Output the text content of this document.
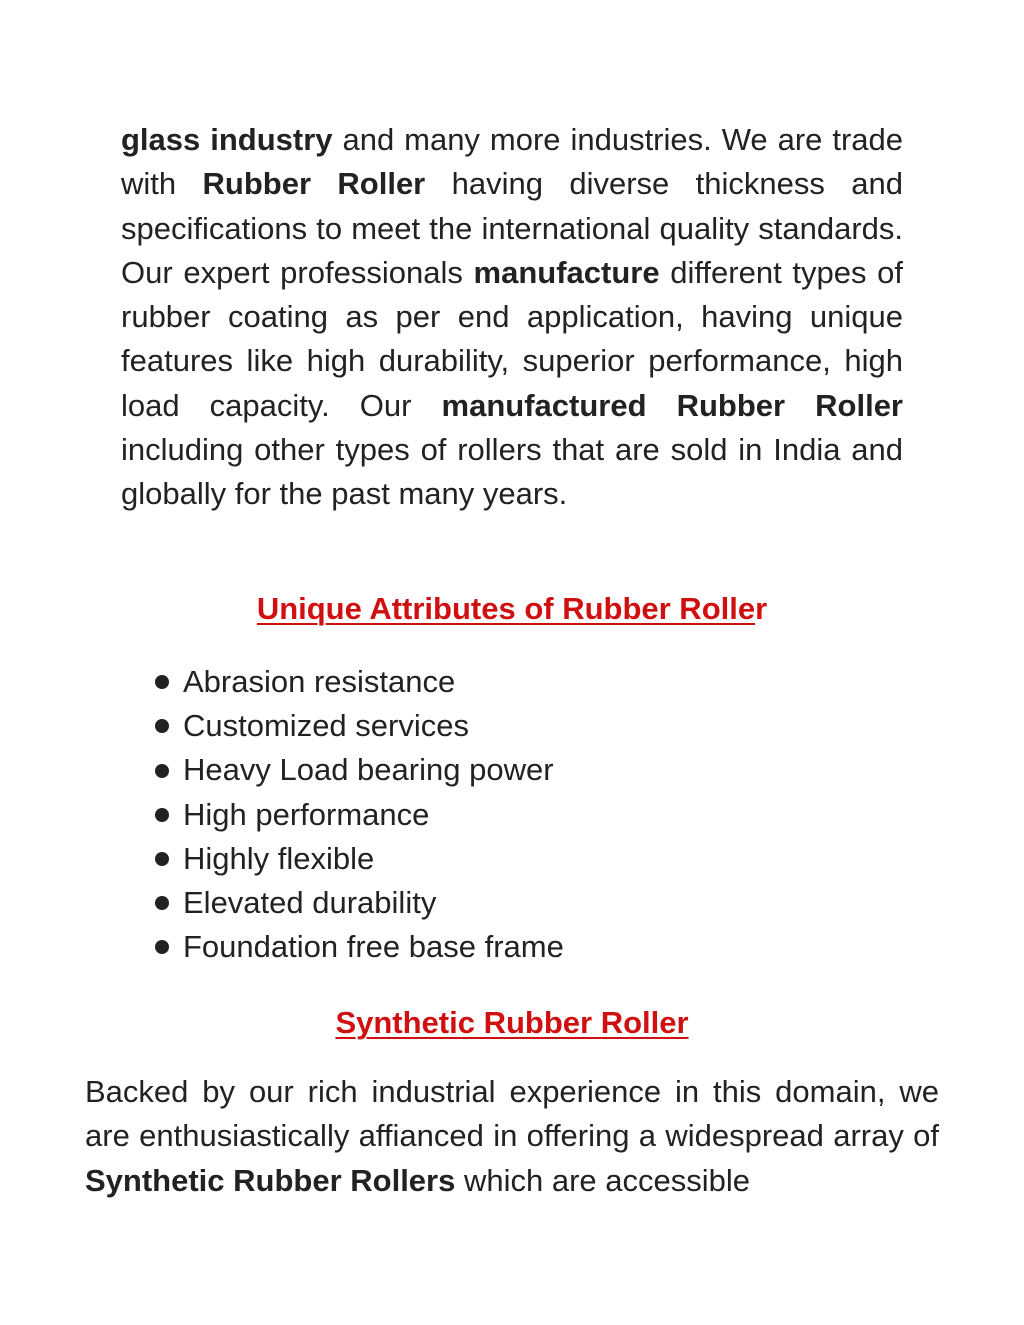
glass industry and many more industries. We are trade with Rubber Roller having diverse thickness and specifications to meet the international quality standards. Our expert professionals manufacture different types of rubber coating as per end application, having unique features like high durability, superior performance, high load capacity. Our manufactured Rubber Roller including other types of rollers that are sold in India and globally for the past many years.

Unique Attributes of Rubber Roller
Abrasion resistance
Customized services
Heavy Load bearing power
High performance
Highly flexible
Elevated durability
Foundation free base frame
Synthetic Rubber Roller

Backed by our rich industrial experience in this domain, we are enthusiastically affianced in offering a widespread array of Synthetic Rubber Rollers which are accessible
